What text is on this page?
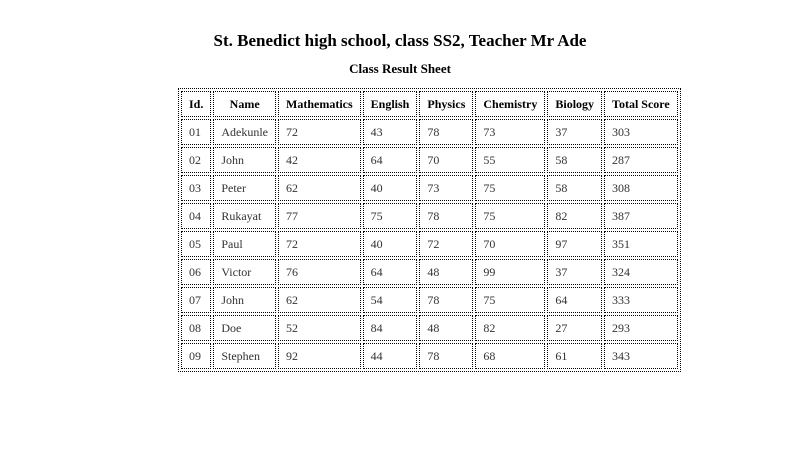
St. Benedict high school, class SS2, Teacher Mr Ade
Class Result Sheet
Id.	Name	Mathematics	English	Physics	Chemistry	Biology	Total Score
01	Adekunle	72	43	78	73	37	303
02	John	42	64	70	55	58	287
03	Peter	62	40	73	75	58	308
04	Rukayat	77	75	78	75	82	387
05	Paul	72	40	72	70	97	351
06	Victor	76	64	48	99	37	324
07	John	62	54	78	75	64	333
08	Doe	52	84	48	82	27	293
09	Stephen	92	44	78	68	61	343
